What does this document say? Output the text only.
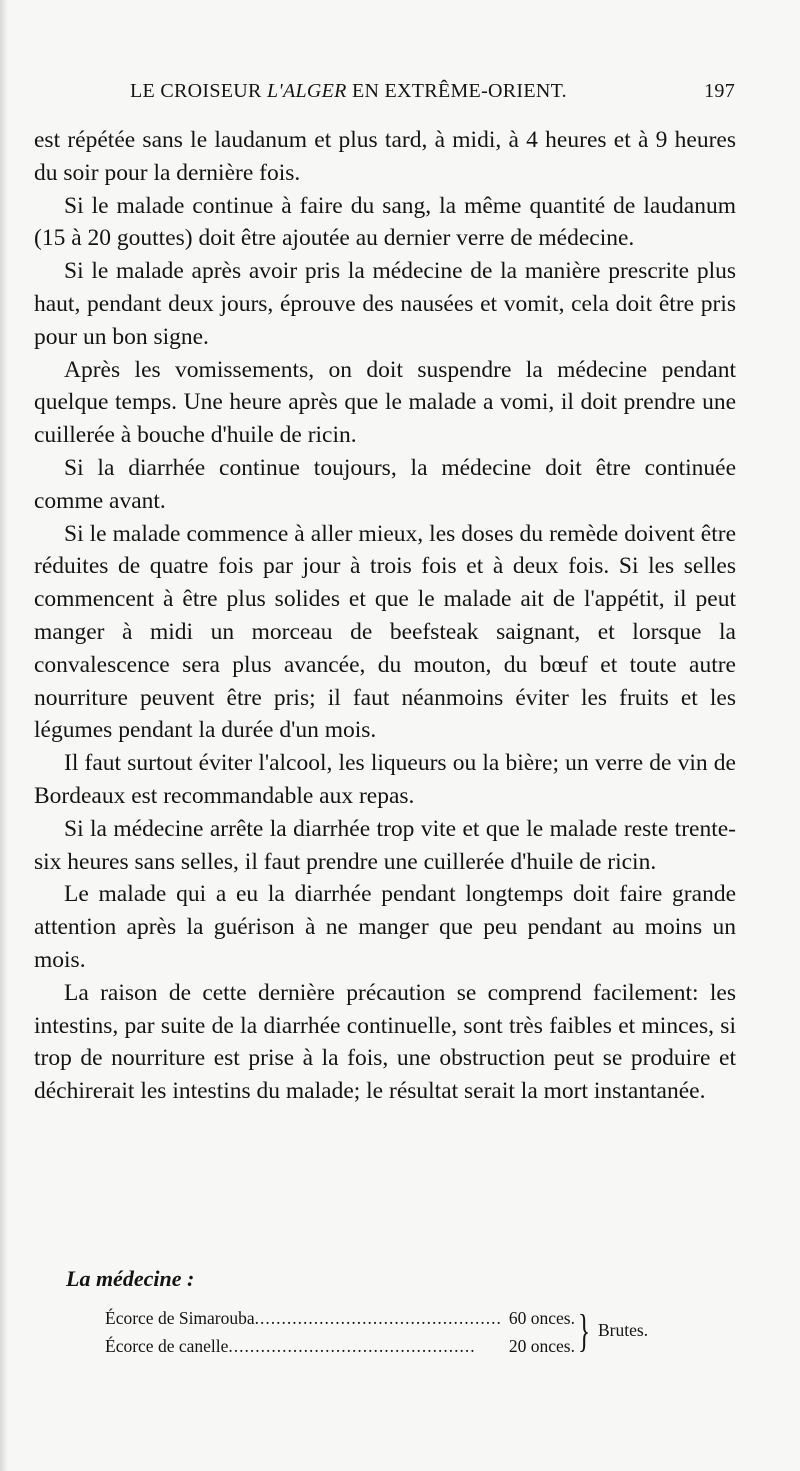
LE CROISEUR L'ALGER EN EXTRÊME-ORIENT.	197

est répétée sans le laudanum et plus tard, à midi, à 4 heures et à 9 heures du soir pour la dernière fois.

Si le malade continue à faire du sang, la même quantité de laudanum (15 à 20 gouttes) doit être ajoutée au dernier verre de médecine.

Si le malade après avoir pris la médecine de la manière prescrite plus haut, pendant deux jours, éprouve des nausées et vomit, cela doit être pris pour un bon signe.

Après les vomissements, on doit suspendre la médecine pendant quelque temps. Une heure après que le malade a vomi, il doit prendre une cuillerée à bouche d'huile de ricin.

Si la diarrhée continue toujours, la médecine doit être continuée comme avant.

Si le malade commence à aller mieux, les doses du remède doivent être réduites de quatre fois par jour à trois fois et à deux fois. Si les selles commencent à être plus solides et que le malade ait de l'appétit, il peut manger à midi un morceau de beefsteak saignant, et lorsque la convalescence sera plus avancée, du mouton, du bœuf et toute autre nourriture peuvent être pris; il faut néanmoins éviter les fruits et les légumes pendant la durée d'un mois.

Il faut surtout éviter l'alcool, les liqueurs ou la bière; un verre de vin de Bordeaux est recommandable aux repas.

Si la médecine arrête la diarrhée trop vite et que le malade reste trente-six heures sans selles, il faut prendre une cuillerée d'huile de ricin.

Le malade qui a eu la diarrhée pendant longtemps doit faire grande attention après la guérison à ne manger que peu pendant au moins un mois.

La raison de cette dernière précaution se comprend facilement: les intestins, par suite de la diarrhée continuelle, sont très faibles et minces, si trop de nourriture est prise à la fois, une obstruction peut se produire et déchirerait les intestins du malade; le résultat serait la mort instantanée.

La médecine :
Écorce de Simarouba.............................................. 60 onces.
Écorce de canelle.............................................. 20 onces. } Brutes.
